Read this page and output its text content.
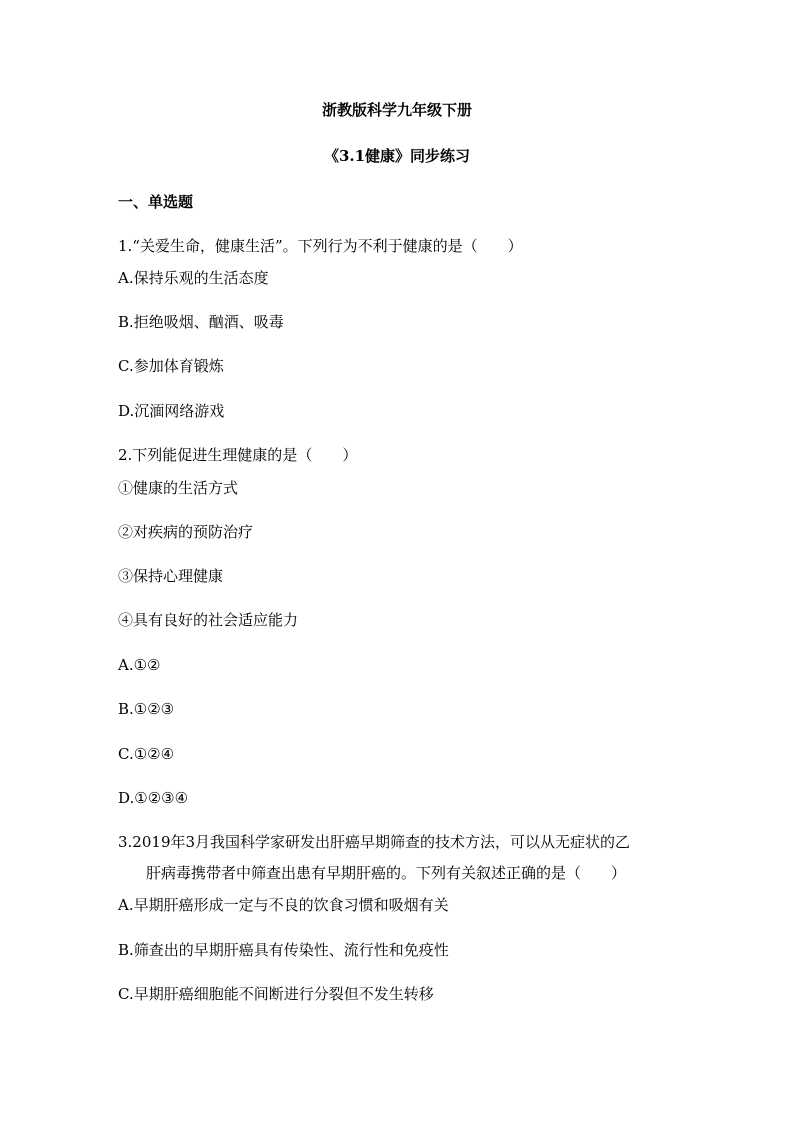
浙教版科学九年级下册
《3.1健康》同步练习
一、单选题
1.“关爱生命，健康生活”。下列行为不利于健康的是（　　）
A.保持乐观的生活态度
B.拒绝吸烟、酗酒、吸毒
C.参加体育锻炼
D.沉湎网络游戏
2.下列能促进生理健康的是（　　）
①健康的生活方式
②对疾病的预防治疗
③保持心理健康
④具有良好的社会适应能力
A.①②
B.①②③
C.①②④
D.①②③④
3.2019年3月我国科学家研发出肝癌早期筛查的技术方法，可以从无症状的乙
肝病毒携带者中筛查出患有早期肝癌的。下列有关叙述正确的是（　　）
A.早期肝癌形成一定与不良的饮食习惯和吸烟有关
B.筛查出的早期肝癌具有传染性、流行性和免疫性
C.早期肝癌细胞能不间断进行分裂但不发生转移
